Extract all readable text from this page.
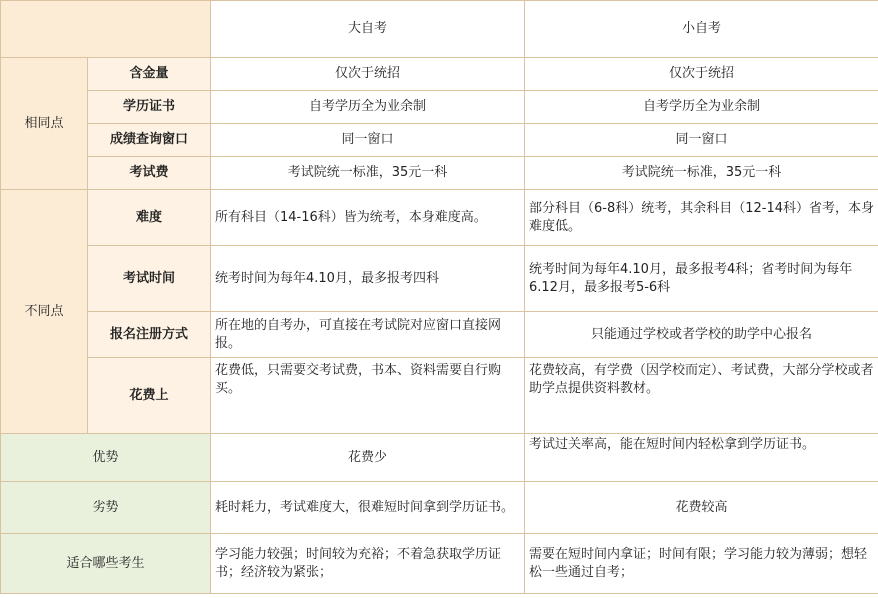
		大自考	小自考
相同点	含金量	仅次于统招	仅次于统招
	学历证书	自考学历全为业余制	自考学历全为业余制
	成绩查询窗口	同一窗口	同一窗口
	考试费	考试院统一标准，35元一科	考试院统一标准，35元一科
不同点	难度	所有科目（14-16科）皆为统考，本身难度高。	部分科目（6-8科）统考，其余科目（12-14科）省考，本身难度低。
	考试时间	统考时间为每年4.10月，最多报考四科	统考时间为每年4.10月，最多报考4科；省考时间为每年6.12月，最多报考5-6科
	报名注册方式	所在地的自考办，可直接在考试院对应窗口直接网报。	只能通过学校或者学校的助学中心报名
	花费上	花费低，只需要交考试费，书本、资料需要自行购买。	花费较高，有学费（因学校而定）、考试费，大部分学校或者助学点提供资料教材。
优势		花费少	考试过关率高，能在短时间内轻松拿到学历证书。
劣势		耗时耗力，考试难度大，很难短时间拿到学历证书。	花费较高
适合哪些考生		学习能力较强；时间较为充裕；不着急获取学历证书；经济较为紧张；	需要在短时间内拿证；时间有限；学习能力较为薄弱；想轻松一些通过自考；
